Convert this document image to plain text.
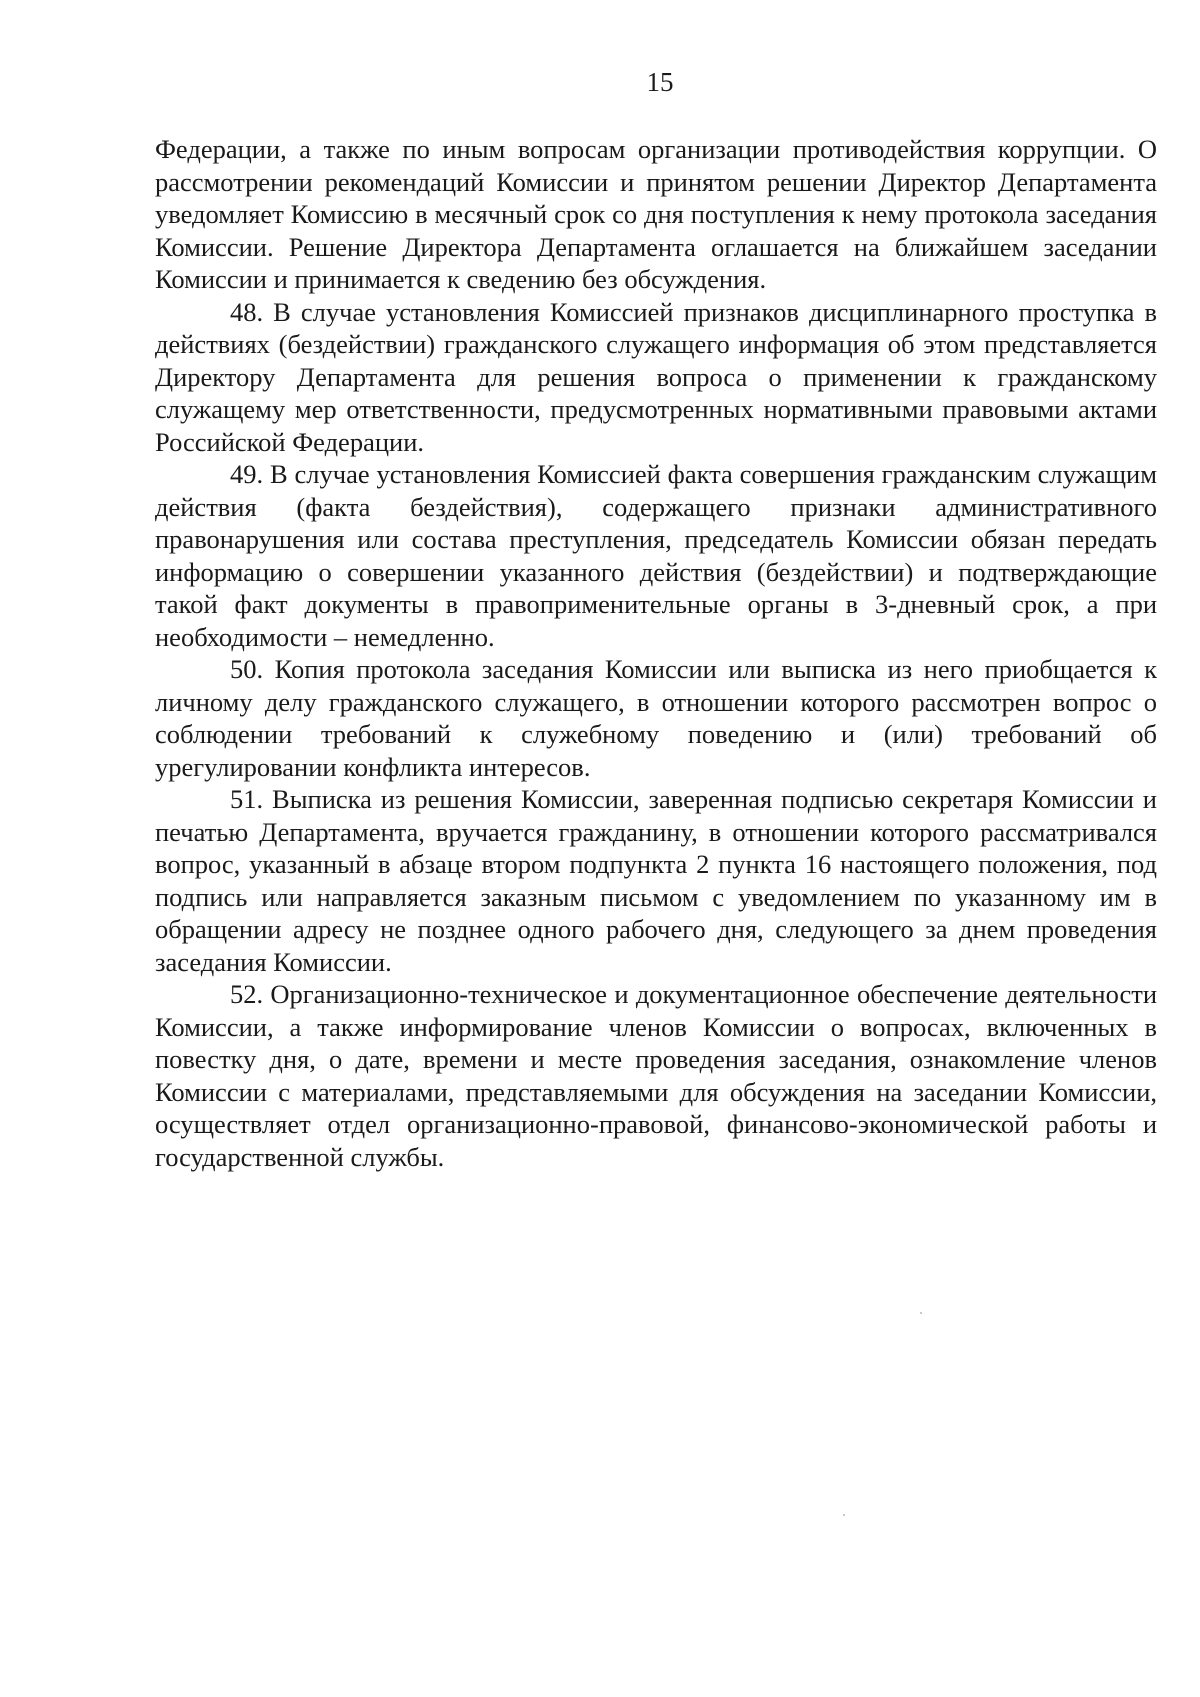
15

Федерации, а также по иным вопросам организации противодействия коррупции. О рассмотрении рекомендаций Комиссии и принятом решении Директор Департамента уведомляет Комиссию в месячный срок со дня поступления к нему протокола заседания Комиссии. Решение Директора Департамента оглашается на ближайшем заседании Комиссии и принимается к сведению без обсуждения.

48. В случае установления Комиссией признаков дисциплинарного проступка в действиях (бездействии) гражданского служащего информация об этом представляется Директору Департамента для решения вопроса о применении к гражданскому служащему мер ответственности, предусмотренных нормативными правовыми актами Российской Федерации.

49. В случае установления Комиссией факта совершения гражданским служащим действия (факта бездействия), содержащего признаки административного правонарушения или состава преступления, председатель Комиссии обязан передать информацию о совершении указанного действия (бездействии) и подтверждающие такой факт документы в правоприменительные органы в 3-дневный срок, а при необходимости – немедленно.

50. Копия протокола заседания Комиссии или выписка из него приобщается к личному делу гражданского служащего, в отношении которого рассмотрен вопрос о соблюдении требований к служебному поведению и (или) требований об урегулировании конфликта интересов.

51. Выписка из решения Комиссии, заверенная подписью секретаря Комиссии и печатью Департамента, вручается гражданину, в отношении которого рассматривался вопрос, указанный в абзаце втором подпункта 2 пункта 16 настоящего положения, под подпись или направляется заказным письмом с уведомлением по указанному им в обращении адресу не позднее одного рабочего дня, следующего за днем проведения заседания Комиссии.

52. Организационно-техническое и документационное обеспечение деятельности Комиссии, а также информирование членов Комиссии о вопросах, включенных в повестку дня, о дате, времени и месте проведения заседания, ознакомление членов Комиссии с материалами, представляемыми для обсуждения на заседании Комиссии, осуществляет отдел организационно-правовой, финансово-экономической работы и государственной службы.
